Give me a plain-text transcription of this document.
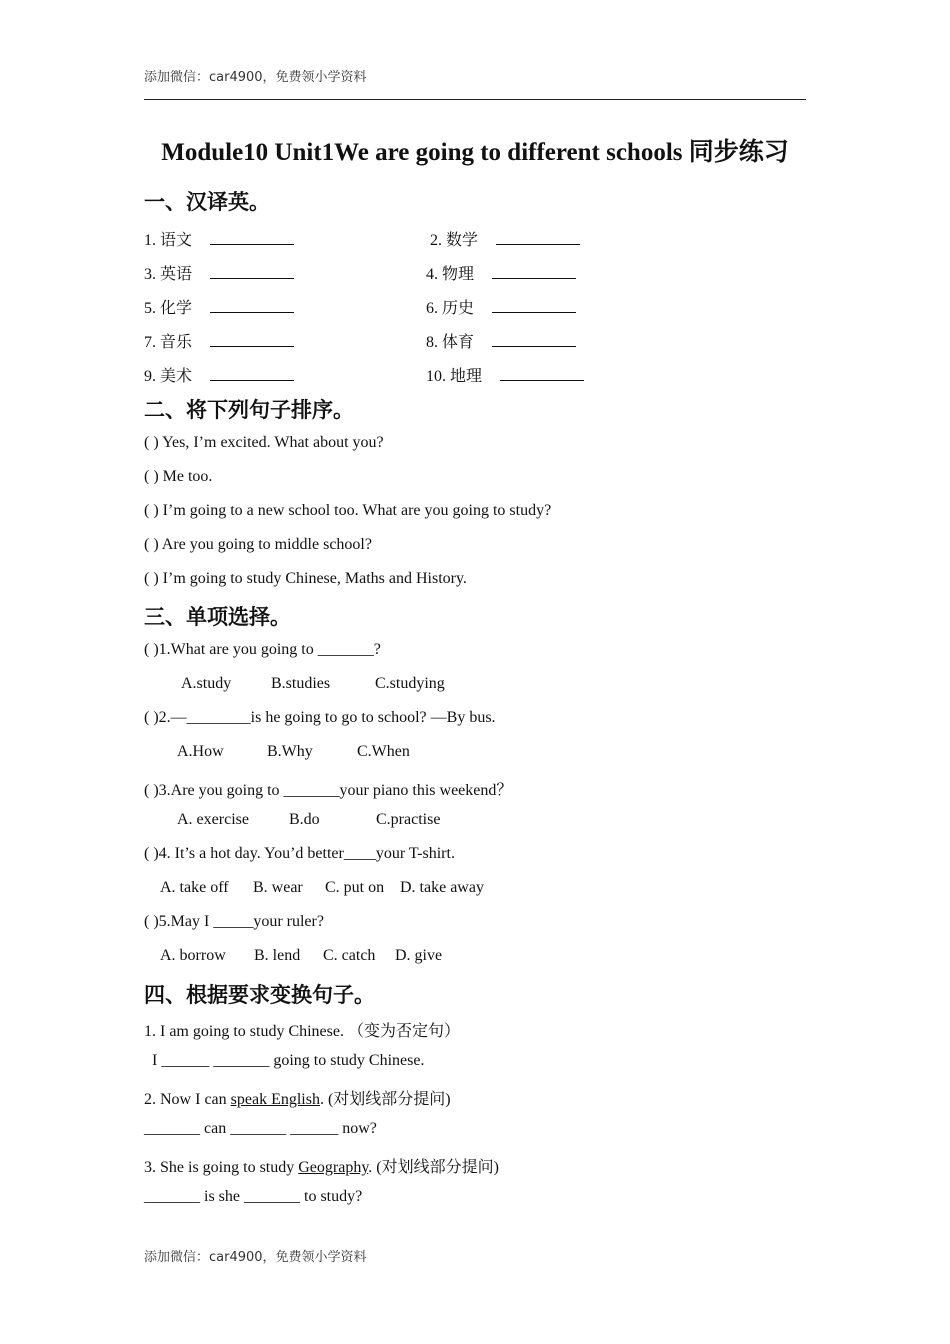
添加微信：car4900，免费领小学资料
Module10 Unit1We are going to different schools 同步练习
一、汉译英。
1. 语文	2. 数学
3. 英语	4. 物理
5. 化学	6. 历史
7. 音乐	8. 体育
9. 美术	10. 地理
二、将下列句子排序。
( ) Yes, I’m excited. What about you?
( ) Me too.
( ) I’m going to a new school too. What are you going to study?
( ) Are you going to middle school?
( ) I’m going to study Chinese, Maths and History.
三、单项选择。
( )1.What are you going to _______?
A.study B.studies	C.studying
( )2.—________is he going to go to school? —By bus.
A.How	B.Why	C.When
( )3.Are you going to _______your piano this weekend？
A. exercise	B.do	C.practise
( )4. It’s a hot day. You’d better____your T-shirt.
A. take off B. wear C. put on D. take away
( )5.May I _____your ruler?
A. borrow B. lend C. catch D. give
四、根据要求变换句子。
1. I am going to study Chinese. （变为否定句）
I ______ _______ going to study Chinese.
2. Now I can speak English. (对划线部分提问)
_______ can _______ ______ now?
3. She is going to study Geography. (对划线部分提问)
_______ is she _______ to study?
添加微信：car4900，免费领小学资料
